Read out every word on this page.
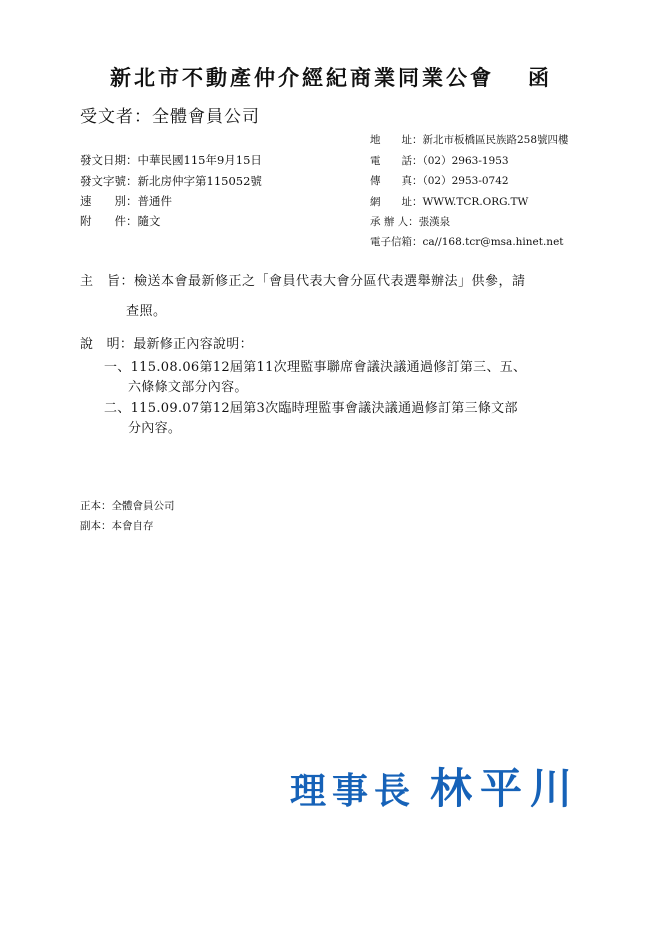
新北市不動產仲介經紀商業同業公會 函
受文者：全體會員公司
地　　址：新北市板橋區民族路258號四樓
電　　話：（02）2963-1953
傳　　真：（02）2953-0742
網　　址：WWW.TCR.ORG.TW
承 辦 人：張漢泉
電子信箱：ca//168.tcr@msa.hinet.net
發文日期：中華民國115年9月15日
發文字號：新北房仲字第115052號
速　　別：普通件
附　　件：隨文
主　旨：檢送本會最新修正之「會員代表大會分區代表選舉辦法」供參，請
查照。
說　明：最新修正內容說明：
一、115.08.06第12屆第11次理監事聯席會議決議通過修訂第三、五、
六條條文部分內容。
二、115.09.07第12屆第3次臨時理監事會議決議通過修訂第三條文部
分內容。
正本：全體會員公司
副本：本會自存
理事長 林平川
